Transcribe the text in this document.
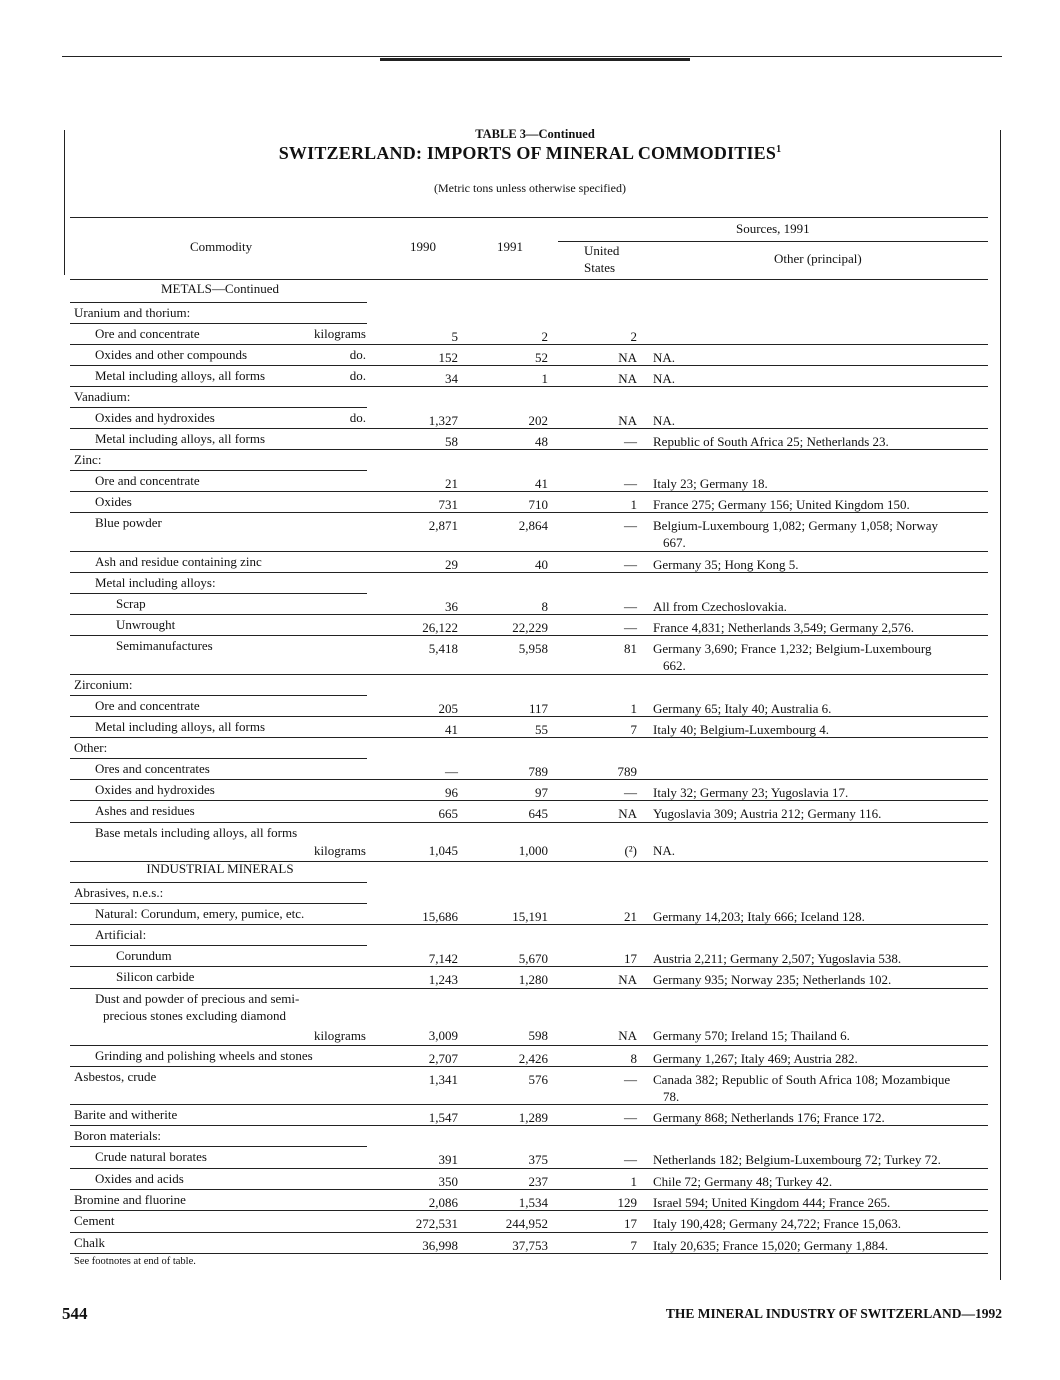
TABLE 3—Continued
SWITZERLAND: IMPORTS OF MINERAL COMMODITIES$^1$
(Metric tons unless otherwise specified)
Commodity	1990	1991
Sources, 1991
United
States
Other (principal)
METALS—Continued
Uranium and thorium:
Ore and concentrate	kilograms	5	2	2
Oxides and other compounds	do.	152	52	NA NA.
Metal including alloys, all forms	do.	34	1	NA NA.
Vanadium:
Oxides and hydroxides	do.	1,327	202	NA NA.
Metal including alloys, all forms	58	48	— Republic of South Africa 25; Netherlands 23.
Zinc:
Ore and concentrate	21	41	— Italy 23; Germany 18.
Oxides	731	710	1 France 275; Germany 156; United Kingdom 150.
Blue powder	2,871	2,864	— Belgium-Luxembourg 1,082; Germany 1,058; Norway
667.
Ash and residue containing zinc	29	40	— Germany 35; Hong Kong 5.
Metal including alloys:
Scrap	36	8	— All from Czechoslovakia.
Unwrought	26,122	22,229	— France 4,831; Netherlands 3,549; Germany 2,576.
Semimanufactures	5,418	5,958	81 Germany 3,690; France 1,232; Belgium-Luxembourg
662.
Zirconium:
Ore and concentrate	205	117	1 Germany 65; Italy 40; Australia 6.
Metal including alloys, all forms	41	55	7 Italy 40; Belgium-Luxembourg 4.
Other:
Ores and concentrates	—	789	789
Oxides and hydroxides	96	97	— Italy 32; Germany 23; Yugoslavia 17.
Ashes and residues	665	645	NA Yugoslavia 309; Austria 212; Germany 116.
Base metals including alloys, all forms
kilograms	1,045	1,000	(²) NA.
INDUSTRIAL MINERALS
Abrasives, n.e.s.:
Natural: Corundum, emery, pumice, etc.	15,686	15,191	21 Germany 14,203; Italy 666; Iceland 128.
Artificial:
Corundum	7,142	5,670	17 Austria 2,211; Germany 2,507; Yugoslavia 538.
Silicon carbide	1,243	1,280	NA Germany 935; Norway 235; Netherlands 102.
Dust and powder of precious and semi-
precious stones excluding diamond
kilograms	3,009	598	NA Germany 570; Ireland 15; Thailand 6.
Grinding and polishing wheels and stones	2,707	2,426	8 Germany 1,267; Italy 469; Austria 282.
Asbestos, crude	1,341	576	— Canada 382; Republic of South Africa 108; Mozambique
78.
Barite and witherite	1,547	1,289	— Germany 868; Netherlands 176; France 172.
Boron materials:
Crude natural borates	391	375	— Netherlands 182; Belgium-Luxembourg 72; Turkey 72.
Oxides and acids	350	237	1 Chile 72; Germany 48; Turkey 42.
Bromine and fluorine	2,086	1,534	129 Israel 594; United Kingdom 444; France 265.
Cement	272,531	244,952	17 Italy 190,428; Germany 24,722; France 15,063.
Chalk	36,998	37,753	7 Italy 20,635; France 15,020; Germany 1,884.
See footnotes at end of table.
544	THE MINERAL INDUSTRY OF SWITZERLAND—1992
